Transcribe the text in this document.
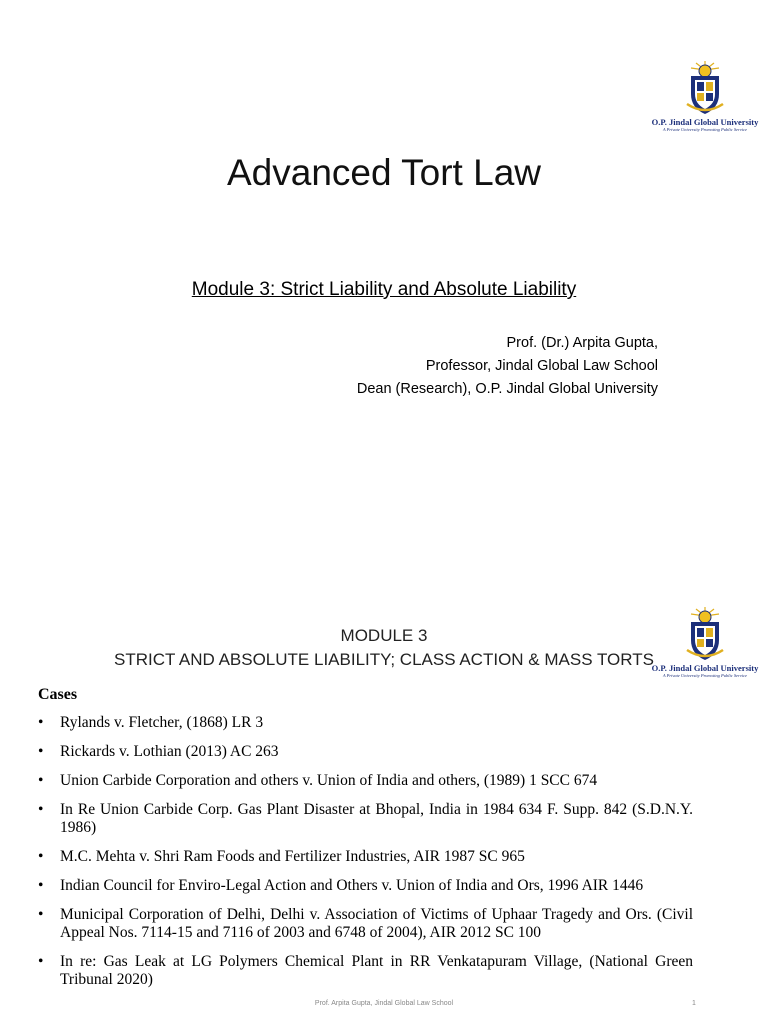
O.P. Jindal Global University
A Private University Promoting Public Service
Advanced Tort Law
Module 3: Strict Liability and Absolute Liability
Prof. (Dr.) Arpita Gupta,
Professor, Jindal Global Law School
Dean (Research), O.P. Jindal Global University
O.P. Jindal Global University
A Private University Promoting Public Service
MODULE 3
STRICT AND ABSOLUTE LIABILITY; CLASS ACTION & MASS TORTS
Cases
• Rylands v. Fletcher, (1868) LR 3
• Rickards v. Lothian (2013) AC 263
• Union Carbide Corporation and others v. Union of India and others, (1989) 1 SCC 674
• In Re Union Carbide Corp. Gas Plant Disaster at Bhopal, India in 1984 634 F. Supp. 842 (S.D.N.Y. 1986)
• M.C. Mehta v. Shri Ram Foods and Fertilizer Industries, AIR 1987 SC 965
• Indian Council for Enviro-Legal Action and Others v. Union of India and Ors, 1996 AIR 1446
• Municipal Corporation of Delhi, Delhi v. Association of Victims of Uphaar Tragedy and Ors. (Civil Appeal Nos. 7114-15 and 7116 of 2003 and 6748 of 2004), AIR 2012 SC 100
• In re: Gas Leak at LG Polymers Chemical Plant in RR Venkatapuram Village, (National Green Tribunal 2020)
Prof. Arpita Gupta, Jindal Global Law School	1
